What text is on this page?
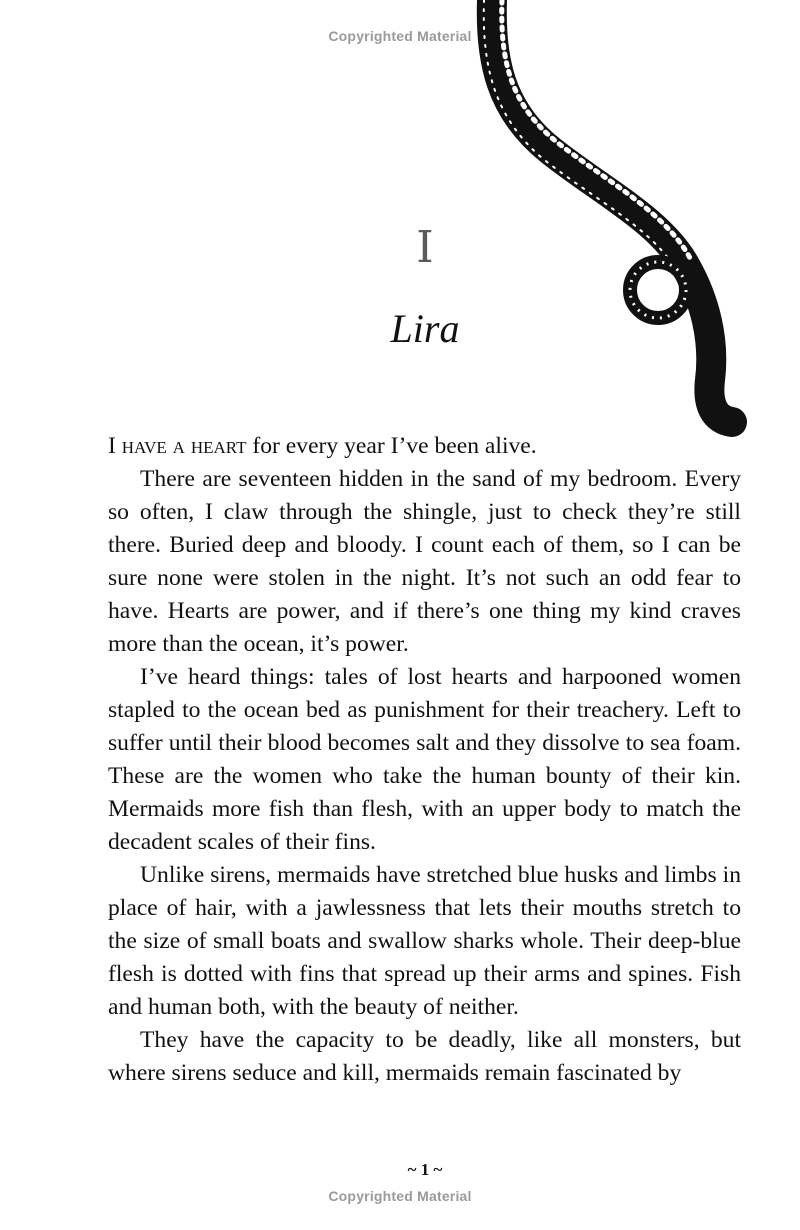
Copyrighted Material
I
Lira

I have a heart for every year I’ve been alive.

There are seventeen hidden in the sand of my bedroom. Every so often, I claw through the shingle, just to check they’re still there. Buried deep and bloody. I count each of them, so I can be sure none were stolen in the night. It’s not such an odd fear to have. Hearts are power, and if there’s one thing my kind craves more than the ocean, it’s power.

I’ve heard things: tales of lost hearts and harpooned women stapled to the ocean bed as punishment for their treachery. Left to suffer until their blood becomes salt and they dissolve to sea foam. These are the women who take the human bounty of their kin. Mermaids more fish than flesh, with an upper body to match the decadent scales of their fins.

Unlike sirens, mermaids have stretched blue husks and limbs in place of hair, with a jawlessness that lets their mouths stretch to the size of small boats and swallow sharks whole. Their deep-blue flesh is dotted with fins that spread up their arms and spines. Fish and human both, with the beauty of neither.

They have the capacity to be deadly, like all monsters, but where sirens seduce and kill, mermaids remain fascinated by

~ 1 ~
Copyrighted Material
